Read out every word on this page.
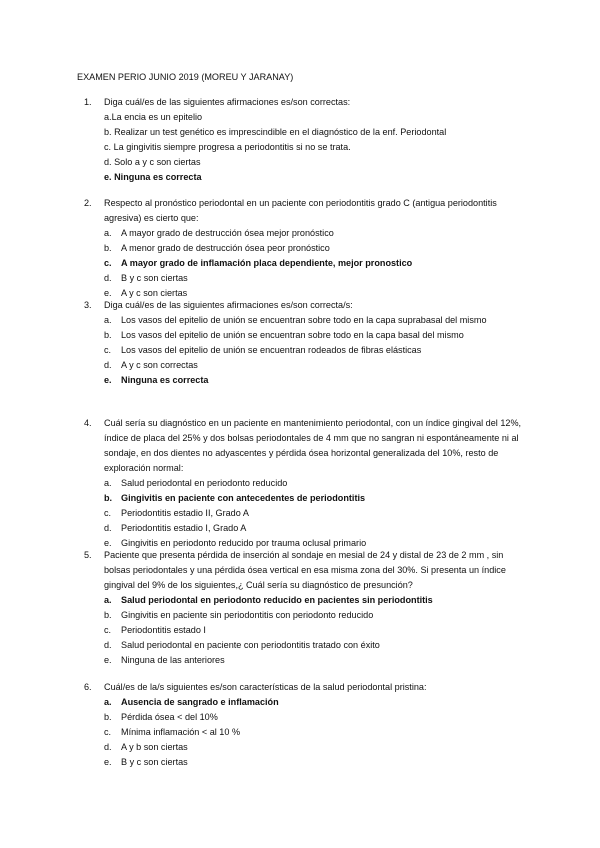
EXAMEN PERIO JUNIO 2019 (MOREU Y JARANAY)
1. Diga cuál/es de las siguientes afirmaciones es/son correctas:
a.La encia es un epitelio
b. Realizar un test genético es imprescindible en el diagnóstico de la enf. Periodontal
c. La gingivitis siempre progresa a periodontitis si no se trata.
d. Solo a y c son ciertas
e. Ninguna es correcta
2. Respecto al pronóstico periodontal en un paciente con periodontitis grado C (antigua periodontitis agresiva) es cierto que:
a.	A mayor grado de destrucción ósea mejor pronóstico
b.	A menor grado de destrucción ósea peor pronóstico
c.	A mayor grado de inflamación placa dependiente, mejor pronostico
d.	B y c son ciertas
e.	A y c son ciertas
3. Diga cuál/es de las siguientes afirmaciones es/son correcta/s:
a.	Los vasos del epitelio de unión se encuentran sobre todo en la capa suprabasal del mismo
b.	Los vasos del epitelio de unión se encuentran sobre todo en la capa basal del mismo
c.	Los vasos del epitelio de unión se encuentran rodeados de fibras elásticas
d.	A y c son correctas
e.	Ninguna es correcta
4. Cuál sería su diagnóstico en un paciente en mantenimiento periodontal, con un índice gingival del 12%, índice de placa del 25% y dos bolsas periodontales de 4 mm que no sangran ni espontáneamente ni al sondaje, en dos dientes no adyascentes y pérdida ósea horizontal generalizada del 10%, resto de exploración normal:
a.	Salud periodontal en periodonto reducido
b. Gingivitis en paciente con antecedentes de periodontitis
c.	Periodontitis estadio II, Grado A
d.	Periodontitis estadio I, Grado A
e.	Gingivitis en periodonto reducido por trauma oclusal primario
5. Paciente que presenta pérdida de inserción al sondaje en mesial de 24 y distal de 23 de 2 mm , sin bolsas periodontales y una pérdida ósea vertical en esa misma zona del 30%. Si presenta un índice gingival del 9% de los siguientes,¿ Cuál sería su diagnóstico de presunción?
a.	Salud periodontal en periodonto reducido en pacientes sin periodontitis
b.	Gingivitis en paciente sin periodontitis con periodonto reducido
c.	Periodontitis estado I
d.	Salud periodontal en paciente con periodontitis tratado con éxito
e.	Ninguna de las anteriores
6. Cuál/es de la/s siguientes es/son características de la salud periodontal pristina:
a.	Ausencia de sangrado e inflamación
b.	Pérdida ósea < del 10%
c.	Mínima inflamación < al 10 %
d.	A y b son ciertas
e.	B y c son ciertas
